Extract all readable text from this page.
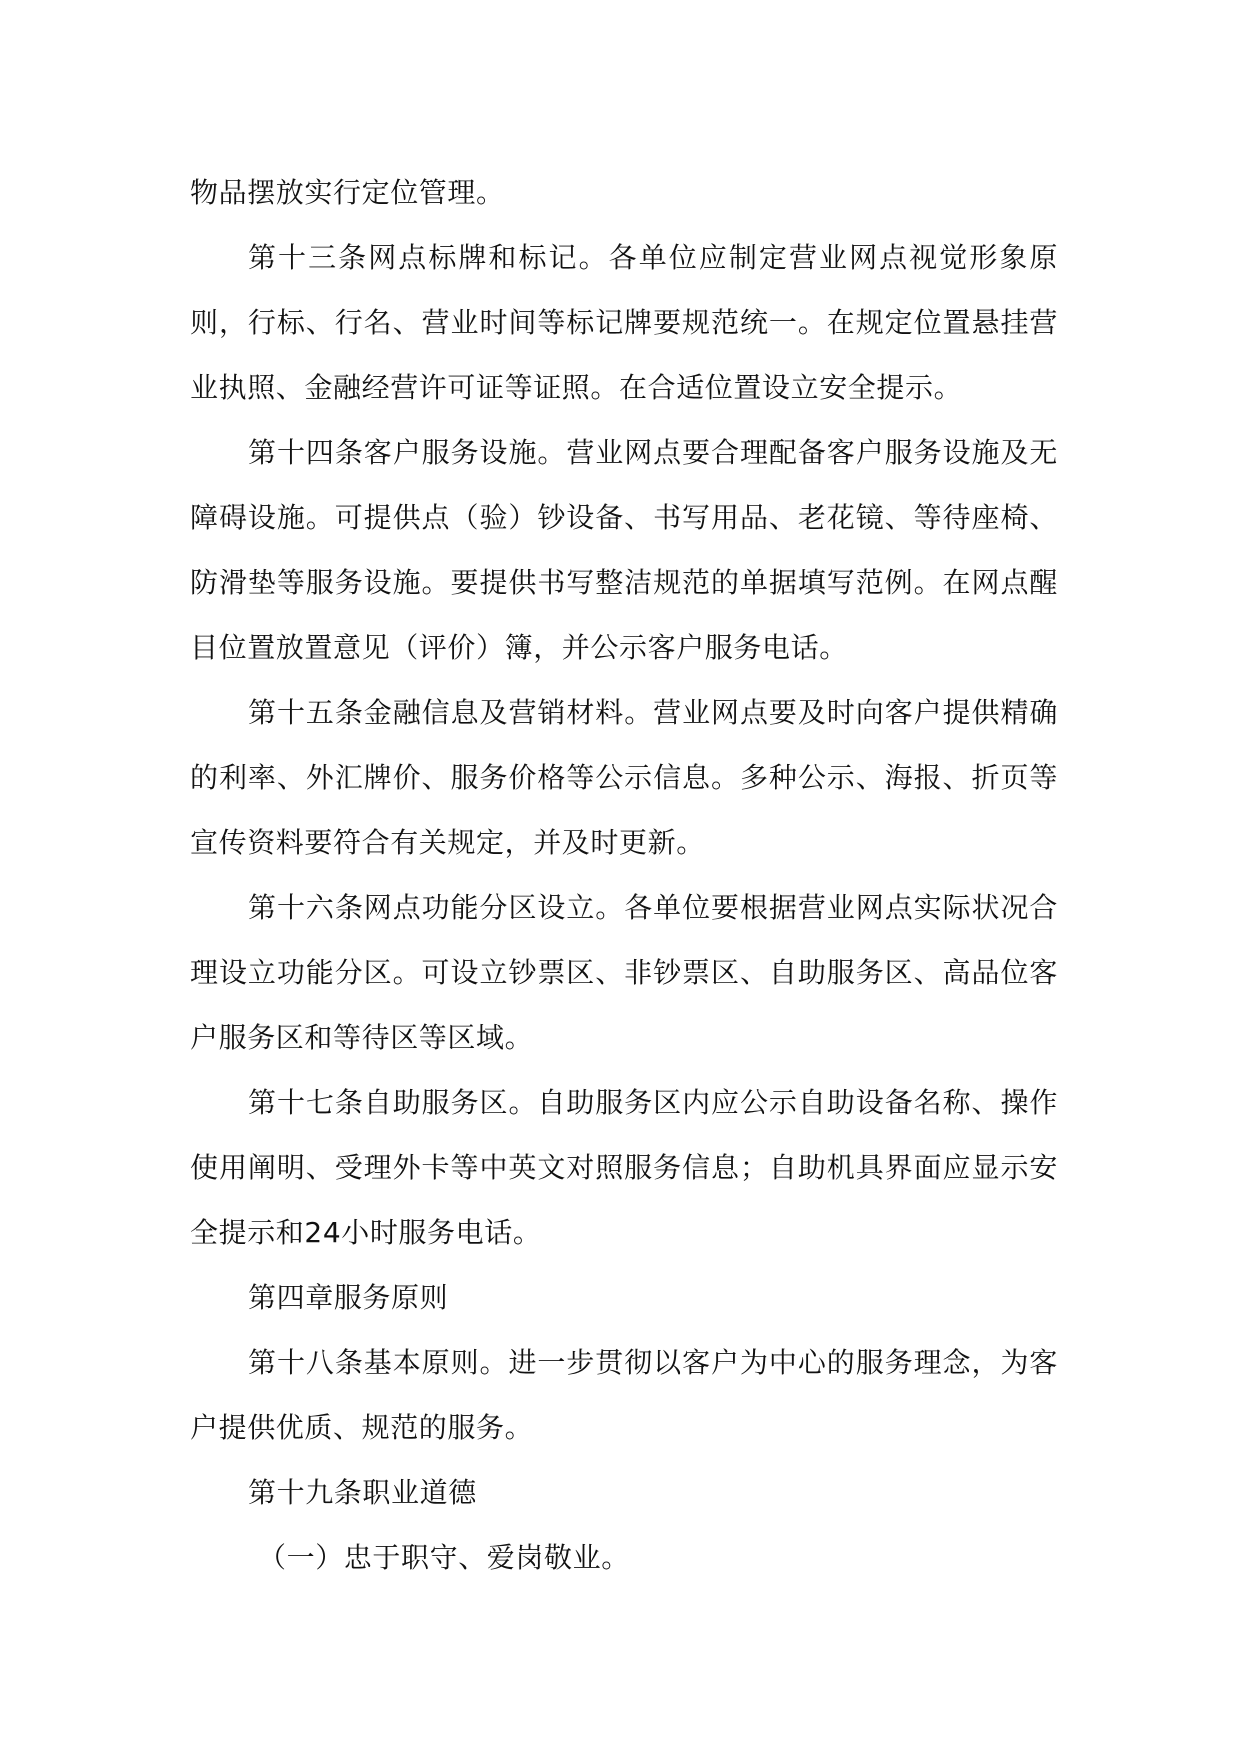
物品摆放实行定位管理。

第十三条网点标牌和标记。各单位应制定营业网点视觉形象原则，行标、行名、营业时间等标记牌要规范统一。在规定位置悬挂营业执照、金融经营许可证等证照。在合适位置设立安全提示。

第十四条客户服务设施。营业网点要合理配备客户服务设施及无障碍设施。可提供点（验）钞设备、书写用品、老花镜、等待座椅、防滑垫等服务设施。要提供书写整洁规范的单据填写范例。在网点醒目位置放置意见（评价）簿，并公示客户服务电话。

第十五条金融信息及营销材料。营业网点要及时向客户提供精确的利率、外汇牌价、服务价格等公示信息。多种公示、海报、折页等宣传资料要符合有关规定，并及时更新。

第十六条网点功能分区设立。各单位要根据营业网点实际状况合理设立功能分区。可设立钞票区、非钞票区、自助服务区、高品位客户服务区和等待区等区域。

第十七条自助服务区。自助服务区内应公示自助设备名称、操作使用阐明、受理外卡等中英文对照服务信息；自助机具界面应显示安全提示和24小时服务电话。

第四章服务原则

第十八条基本原则。进一步贯彻以客户为中心的服务理念，为客户提供优质、规范的服务。

第十九条职业道德

（一）忠于职守、爱岗敬业。
